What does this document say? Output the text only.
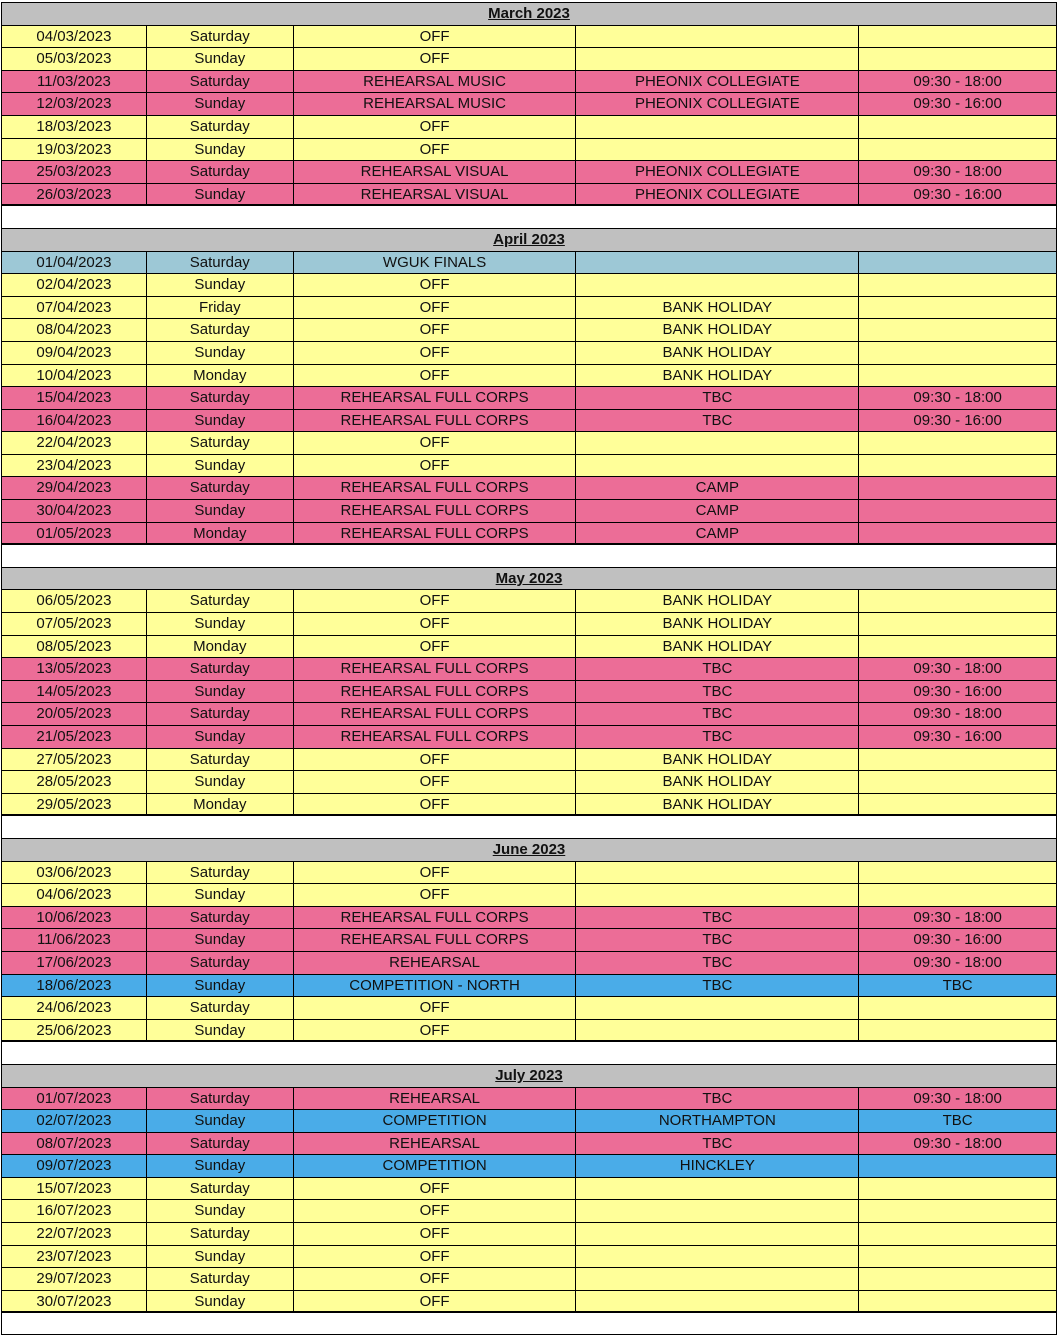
March 2023
04/03/2023	Saturday	OFF
05/03/2023	Sunday	OFF
11/03/2023	Saturday	REHEARSAL MUSIC	PHEONIX COLLEGIATE	09:30 - 18:00
12/03/2023	Sunday	REHEARSAL MUSIC	PHEONIX COLLEGIATE	09:30 - 16:00
18/03/2023	Saturday	OFF
19/03/2023	Sunday	OFF
25/03/2023	Saturday	REHEARSAL VISUAL	PHEONIX COLLEGIATE	09:30 - 18:00
26/03/2023	Sunday	REHEARSAL VISUAL	PHEONIX COLLEGIATE	09:30 - 16:00
April 2023
01/04/2023	Saturday	WGUK FINALS
02/04/2023	Sunday	OFF
07/04/2023	Friday	OFF	BANK HOLIDAY
08/04/2023	Saturday	OFF	BANK HOLIDAY
09/04/2023	Sunday	OFF	BANK HOLIDAY
10/04/2023	Monday	OFF	BANK HOLIDAY
15/04/2023	Saturday	REHEARSAL FULL CORPS	TBC	09:30 - 18:00
16/04/2023	Sunday	REHEARSAL FULL CORPS	TBC	09:30 - 16:00
22/04/2023	Saturday	OFF
23/04/2023	Sunday	OFF
29/04/2023	Saturday	REHEARSAL FULL CORPS	CAMP
30/04/2023	Sunday	REHEARSAL FULL CORPS	CAMP
01/05/2023	Monday	REHEARSAL FULL CORPS	CAMP
May 2023
06/05/2023	Saturday	OFF	BANK HOLIDAY
07/05/2023	Sunday	OFF	BANK HOLIDAY
08/05/2023	Monday	OFF	BANK HOLIDAY
13/05/2023	Saturday	REHEARSAL FULL CORPS	TBC	09:30 - 18:00
14/05/2023	Sunday	REHEARSAL FULL CORPS	TBC	09:30 - 16:00
20/05/2023	Saturday	REHEARSAL FULL CORPS	TBC	09:30 - 18:00
21/05/2023	Sunday	REHEARSAL FULL CORPS	TBC	09:30 - 16:00
27/05/2023	Saturday	OFF	BANK HOLIDAY
28/05/2023	Sunday	OFF	BANK HOLIDAY
29/05/2023	Monday	OFF	BANK HOLIDAY
June 2023
03/06/2023	Saturday	OFF
04/06/2023	Sunday	OFF
10/06/2023	Saturday	REHEARSAL FULL CORPS	TBC	09:30 - 18:00
11/06/2023	Sunday	REHEARSAL FULL CORPS	TBC	09:30 - 16:00
17/06/2023	Saturday	REHEARSAL	TBC	09:30 - 18:00
18/06/2023	Sunday	COMPETITION - NORTH	TBC	TBC
24/06/2023	Saturday	OFF
25/06/2023	Sunday	OFF
July 2023
01/07/2023	Saturday	REHEARSAL	TBC	09:30 - 18:00
02/07/2023	Sunday	COMPETITION	NORTHAMPTON	TBC
08/07/2023	Saturday	REHEARSAL	TBC	09:30 - 18:00
09/07/2023	Sunday	COMPETITION	HINCKLEY
15/07/2023	Saturday	OFF
16/07/2023	Sunday	OFF
22/07/2023	Saturday	OFF
23/07/2023	Sunday	OFF
29/07/2023	Saturday	OFF
30/07/2023	Sunday	OFF
